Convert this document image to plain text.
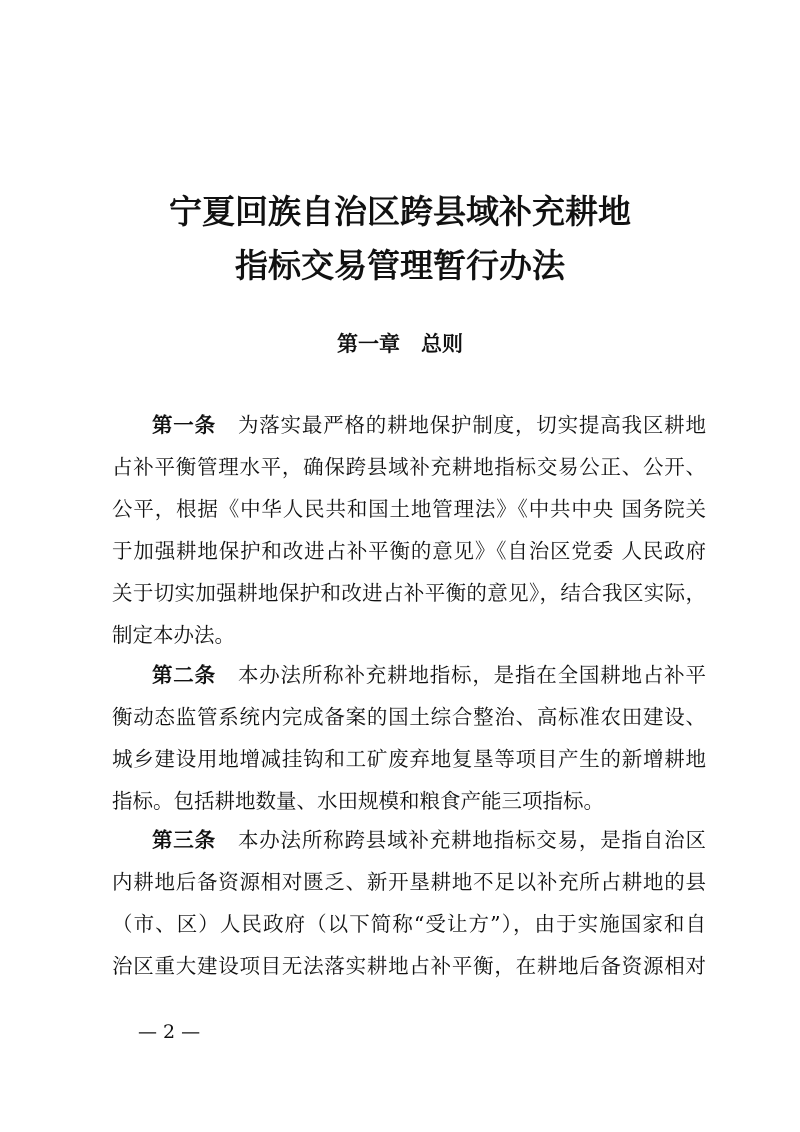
宁夏回族自治区跨县域补充耕地
指标交易管理暂行办法
第一章　总则
第一条 为落实最严格的耕地保护制度，切实提高我区耕地
占补平衡管理水平，确保跨县域补充耕地指标交易公正、公开、
公平，根据《中华人民共和国土地管理法》《中共中央 国务院关
于加强耕地保护和改进占补平衡的意见》《自治区党委 人民政府
关于切实加强耕地保护和改进占补平衡的意见》，结合我区实际，
制定本办法。
第二条 本办法所称补充耕地指标，是指在全国耕地占补平
衡动态监管系统内完成备案的国土综合整治、高标准农田建设、
城乡建设用地增减挂钩和工矿废弃地复垦等项目产生的新增耕地
指标。包括耕地数量、水田规模和粮食产能三项指标。
第三条 本办法所称跨县域补充耕地指标交易，是指自治区
内耕地后备资源相对匮乏、新开垦耕地不足以补充所占耕地的县
（市、区）人民政府（以下简称“受让方”），由于实施国家和自
治区重大建设项目无法落实耕地占补平衡，在耕地后备资源相对
— 2 —
